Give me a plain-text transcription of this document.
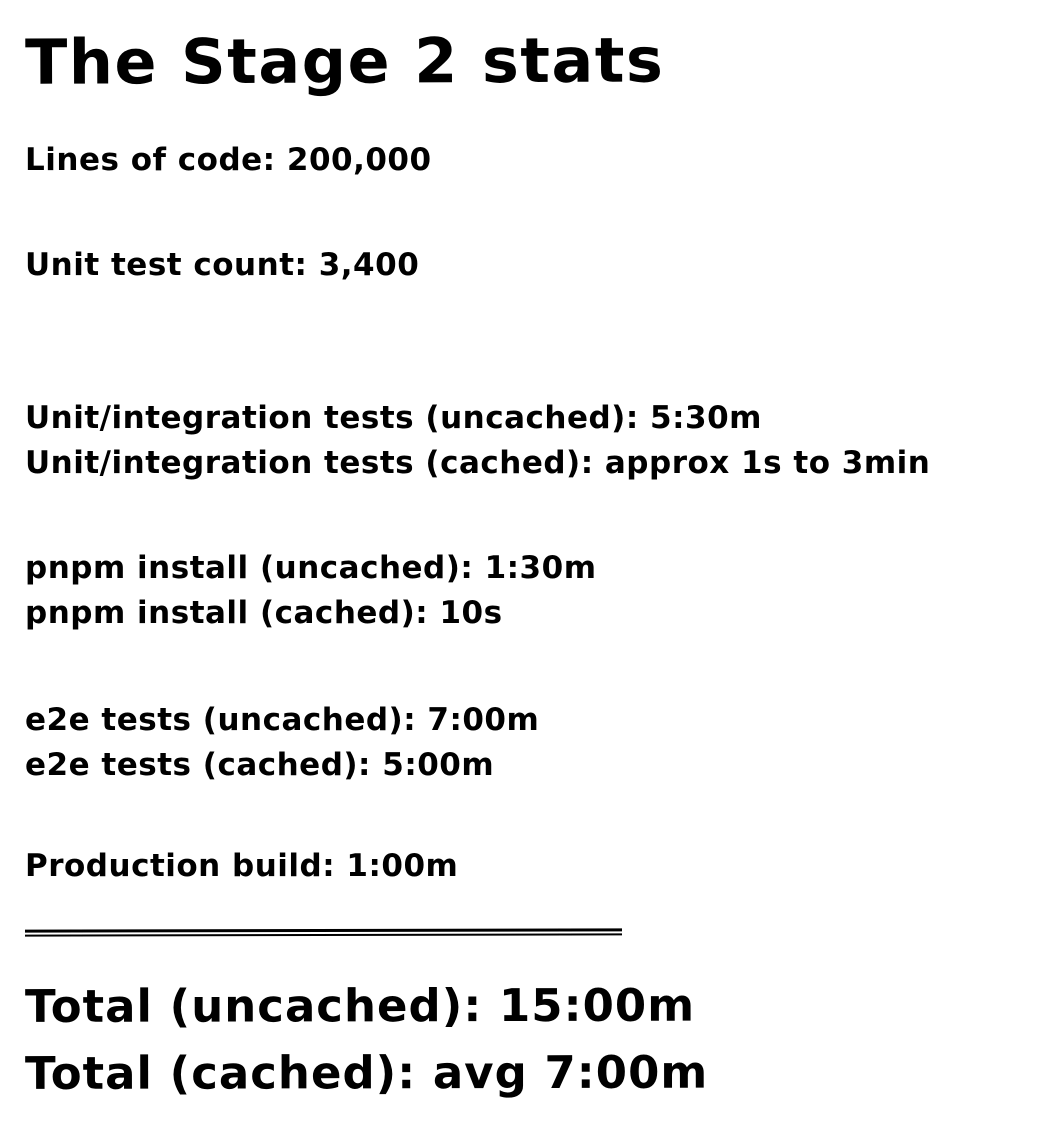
The Stage 2 stats

Lines of code: 200,000

Unit test count: 3,400

Unit/integration tests (uncached): 5:30m

Unit/integration tests (cached): approx 1s to 3min

pnpm install (uncached): 1:30m

pnpm install (cached): 10s

e2e tests (uncached): 7:00m

e2e tests (cached): 5:00m

Production build: 1:00m

Total (uncached): 15:00m

Total (cached): avg 7:00m
